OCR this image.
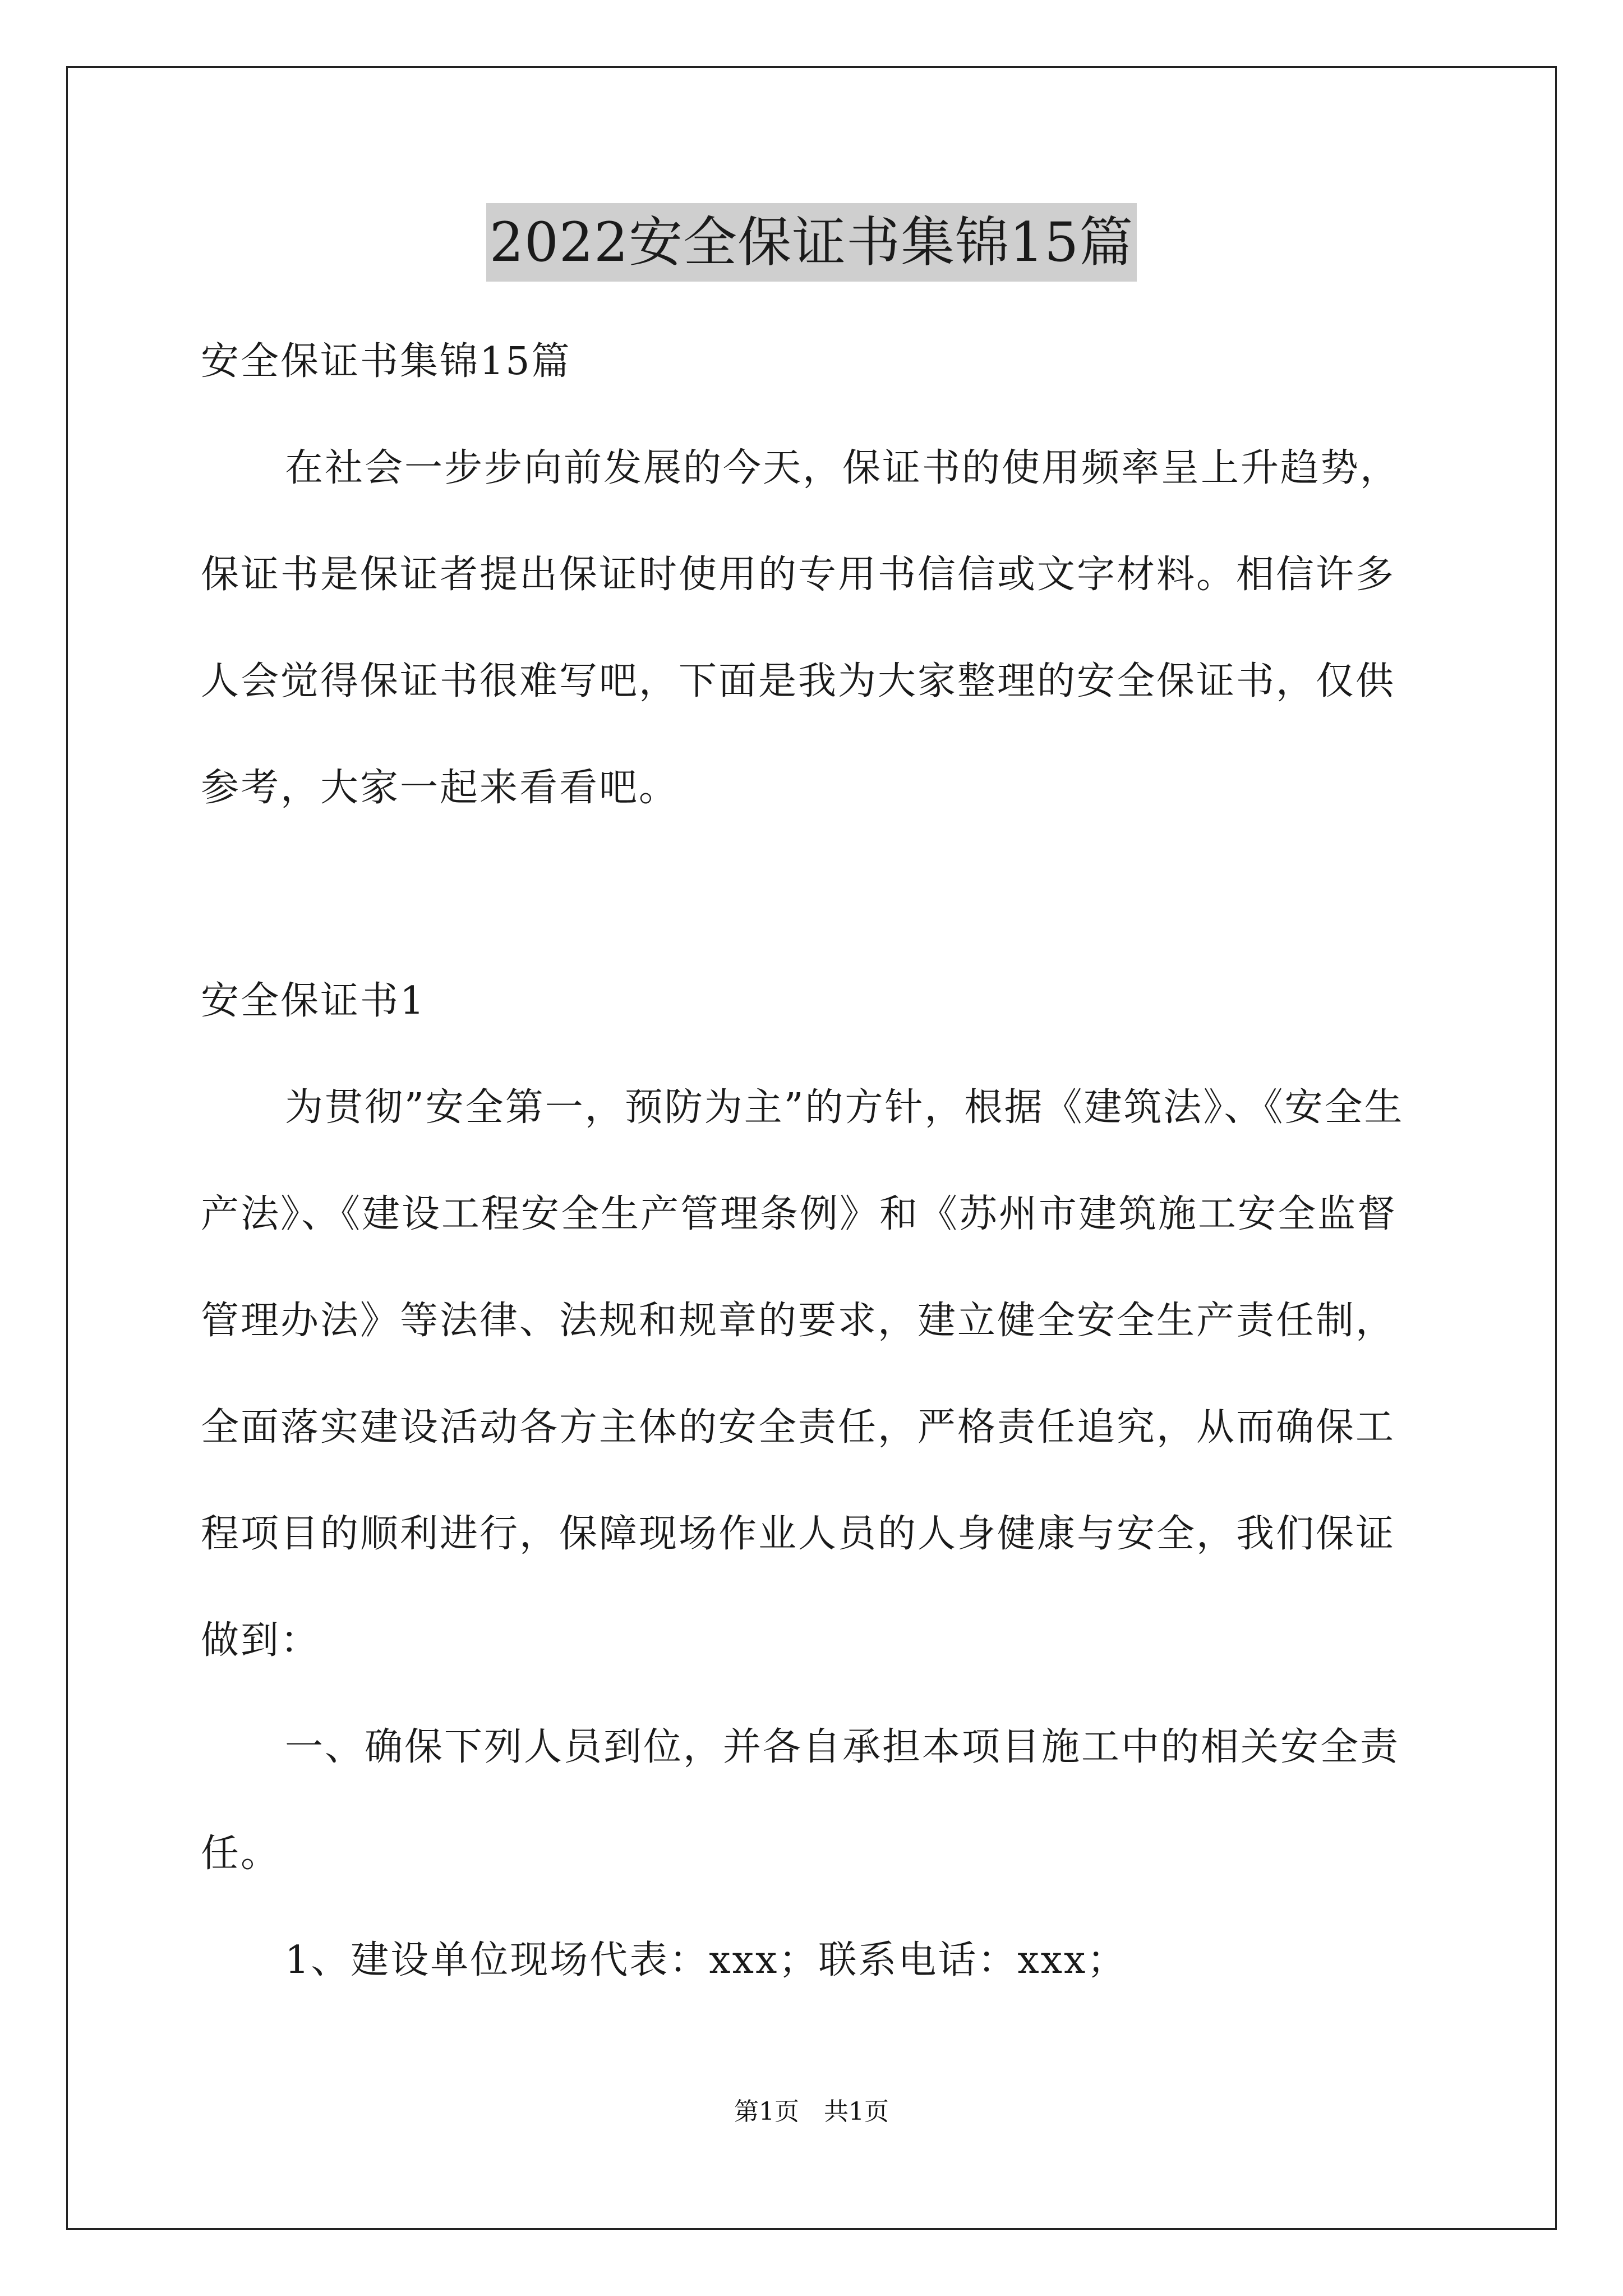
2022安全保证书集锦15篇

安全保证书集锦15篇

在社会一步步向前发展的今天，保证书的使用频率呈上升趋势，保证书是保证者提出保证时使用的专用书信信或文字材料。相信许多人会觉得保证书很难写吧，下面是我为大家整理的安全保证书，仅供参考，大家一起来看看吧。

安全保证书1

为贯彻”安全第一，预防为主”的方针，根据《建筑法》、《安全生产法》、《建设工程安全生产管理条例》和《苏州市建筑施工安全监督管理办法》等法律、法规和规章的要求，建立健全安全生产责任制，全面落实建设活动各方主体的安全责任，严格责任追究，从而确保工程项目的顺利进行，保障现场作业人员的人身健康与安全，我们保证做到：

一、确保下列人员到位，并各自承担本项目施工中的相关安全责任。

1、建设单位现场代表：xxx；联系电话：xxx；

第1页　共1页
